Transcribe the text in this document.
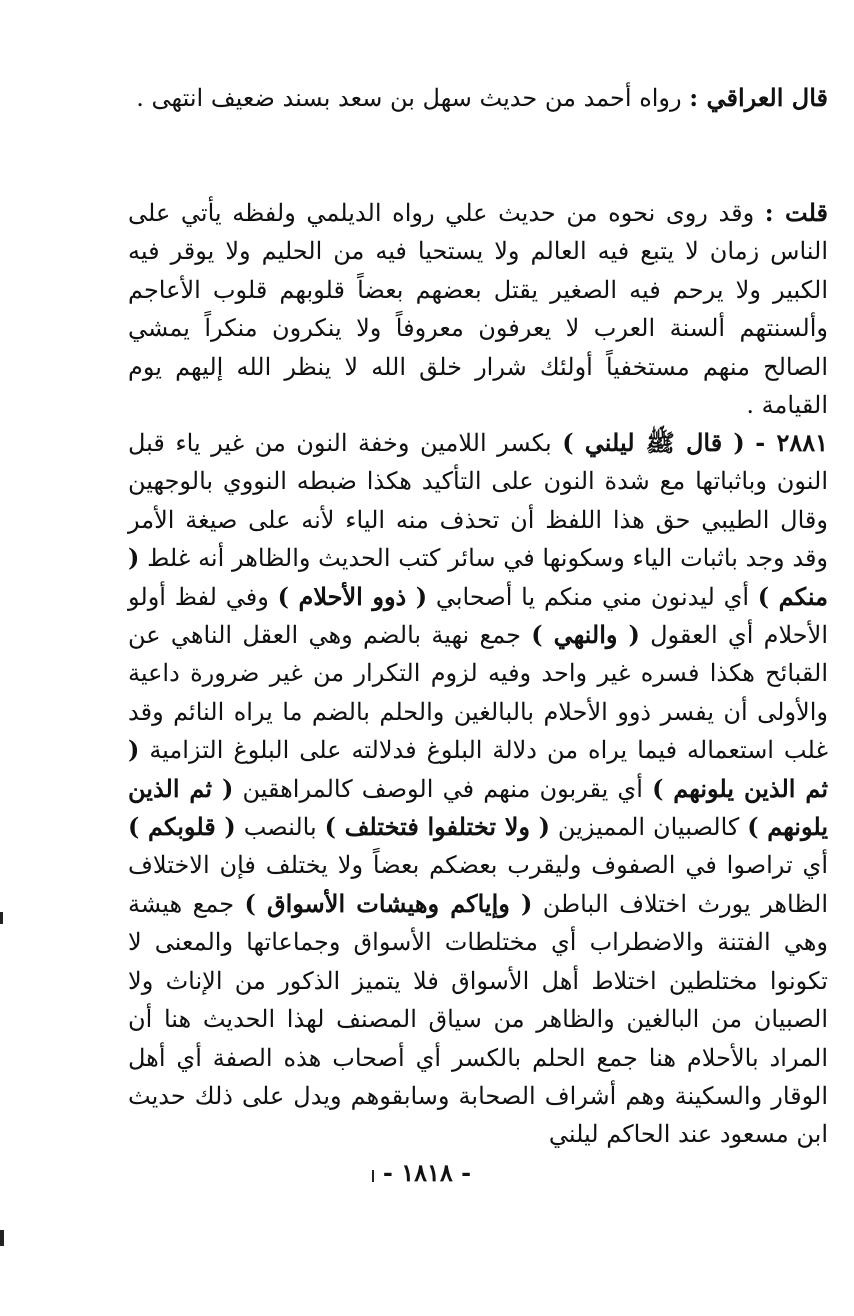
قال العراقي : رواه أحمد من حديث سهل بن سعد بسند ضعيف انتهى .

قلت : وقد روى نحوه من حديث علي رواه الديلمي ولفظه يأتي على الناس زمان لا يتبع فيه العالم ولا يستحيا فيه من الحليم ولا يوقر فيه الكبير ولا يرحم فيه الصغير يقتل بعضهم بعضاً قلوبهم قلوب الأعاجم وألسنتهم ألسنة العرب لا يعرفون معروفاً ولا ينكرون منكراً يمشي الصالح منهم مستخفياً أولئك شرار خلق الله لا ينظر الله إليهم يوم القيامة .

٢٨٨١ - ( قال ﷺ ليلني ) بكسر اللامين وخفة النون من غير ياء قبل النون وباثباتها مع شدة النون على التأكيد هكذا ضبطه النووي بالوجهين وقال الطيبي حق هذا اللفظ أن تحذف منه الياء لأنه على صيغة الأمر وقد وجد باثبات الياء وسكونها في سائر كتب الحديث والظاهر أنه غلط ( منكم ) أي ليدنون مني منكم يا أصحابي ( ذوو الأحلام ) وفي لفظ أولو الأحلام أي العقول ( والنهي ) جمع نهية بالضم وهي العقل الناهي عن القبائح هكذا فسره غير واحد وفيه لزوم التكرار من غير ضرورة داعية والأولى أن يفسر ذوو الأحلام بالبالغين والحلم بالضم ما يراه النائم وقد غلب استعماله فيما يراه من دلالة البلوغ فدلالته على البلوغ التزامية ( ثم الذين يلونهم ) أي يقربون منهم في الوصف كالمراهقين ( ثم الذين يلونهم ) كالصبيان المميزين ( ولا تختلفوا فتختلف ) بالنصب ( قلوبكم ) أي تراصوا في الصفوف وليقرب بعضكم بعضاً ولا يختلف فإن الاختلاف الظاهر يورث اختلاف الباطن ( وإياكم وهيشات الأسواق ) جمع هيشة وهي الفتنة والاضطراب أي مختلطات الأسواق وجماعاتها والمعنى لا تكونوا مختلطين اختلاط أهل الأسواق فلا يتميز الذكور من الإناث ولا الصبيان من البالغين والظاهر من سياق المصنف لهذا الحديث هنا أن المراد بالأحلام هنا جمع الحلم بالكسر أي أصحاب هذه الصفة أي أهل الوقار والسكينة وهم أشراف الصحابة وسابقوهم ويدل على ذلك حديث ابن مسعود عند الحاكم ليلني

- ١٨١٨ -
